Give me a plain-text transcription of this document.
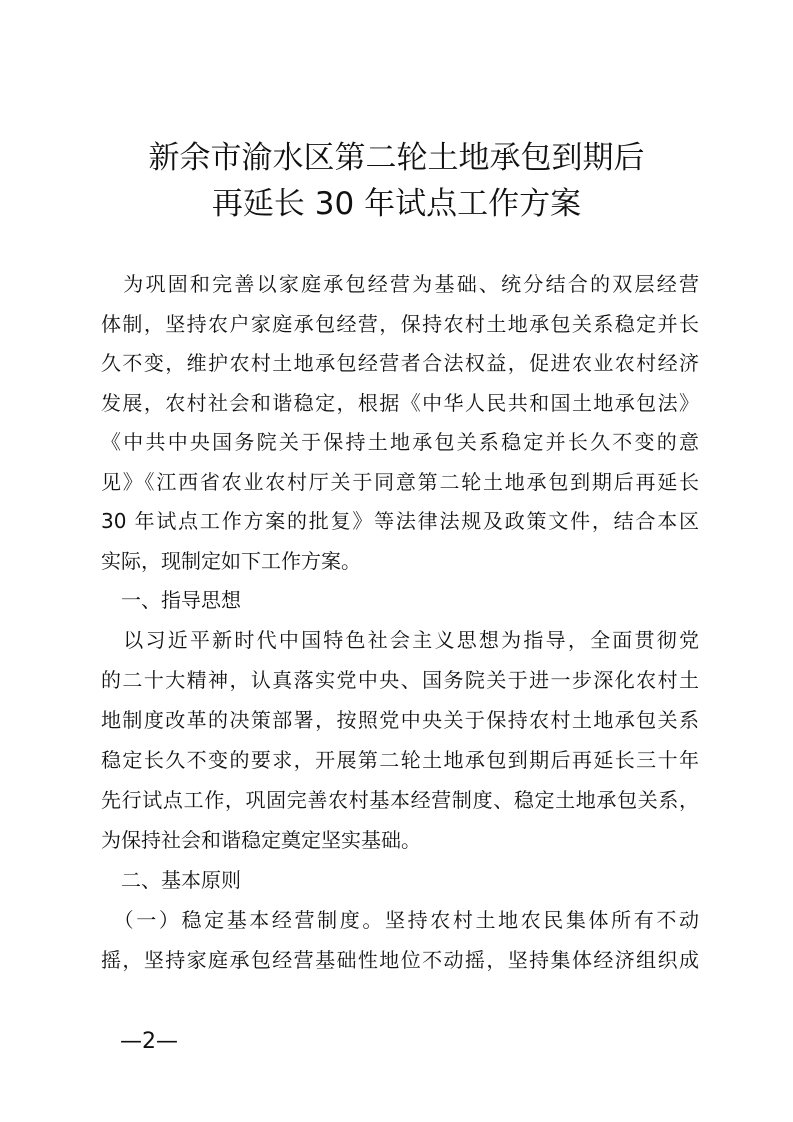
新余市渝水区第二轮土地承包到期后
再延长 30 年试点工作方案
　为巩固和完善以家庭承包经营为基础、统分结合的双层经营
体制，坚持农户家庭承包经营，保持农村土地承包关系稳定并长
久不变，维护农村土地承包经营者合法权益，促进农业农村经济
发展，农村社会和谐稳定，根据《中华人民共和国土地承包法》
《中共中央国务院关于保持土地承包关系稳定并长久不变的意
见》《江西省农业农村厅关于同意第二轮土地承包到期后再延长
30 年试点工作方案的批复》等法律法规及政策文件，结合本区
实际，现制定如下工作方案。
　一、指导思想
　以习近平新时代中国特色社会主义思想为指导，全面贯彻党
的二十大精神，认真落实党中央、国务院关于进一步深化农村土
地制度改革的决策部署，按照党中央关于保持农村土地承包关系
稳定长久不变的要求，开展第二轮土地承包到期后再延长三十年
先行试点工作，巩固完善农村基本经营制度、稳定土地承包关系，
为保持社会和谐稳定奠定坚实基础。
　二、基本原则
　（一）稳定基本经营制度。坚持农村土地农民集体所有不动
摇，坚持家庭承包经营基础性地位不动摇，坚持集体经济组织成
—2—
